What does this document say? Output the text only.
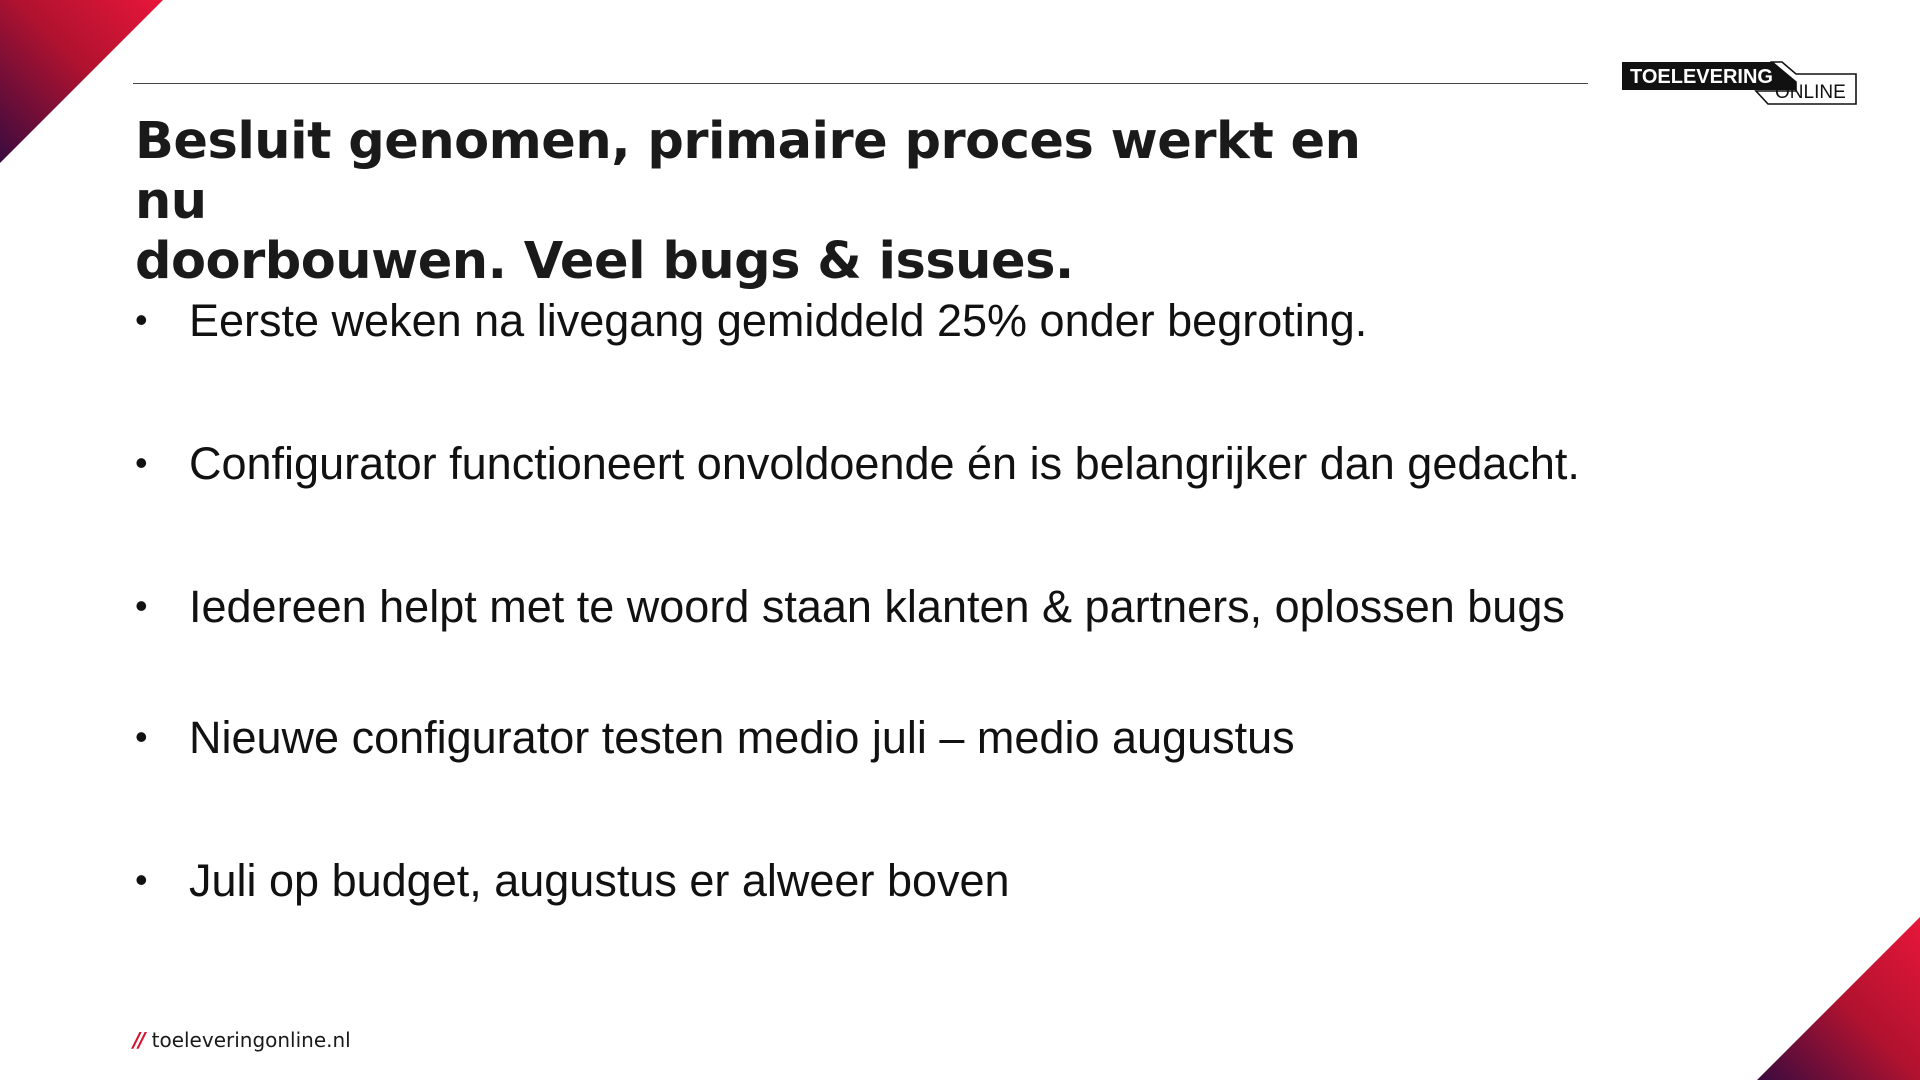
TOELEVERING
ONLINE
Besluit genomen, primaire proces werkt en nu
doorbouwen. Veel bugs & issues.
• Eerste weken na livegang gemiddeld 25% onder begroting.
• Configurator functioneert onvoldoende én is belangrijker dan gedacht.
• Iedereen helpt met te woord staan klanten & partners, oplossen bugs
• Nieuwe configurator testen medio juli – medio augustus
• Juli op budget, augustus er alweer boven
// toeleveringonline.nl
